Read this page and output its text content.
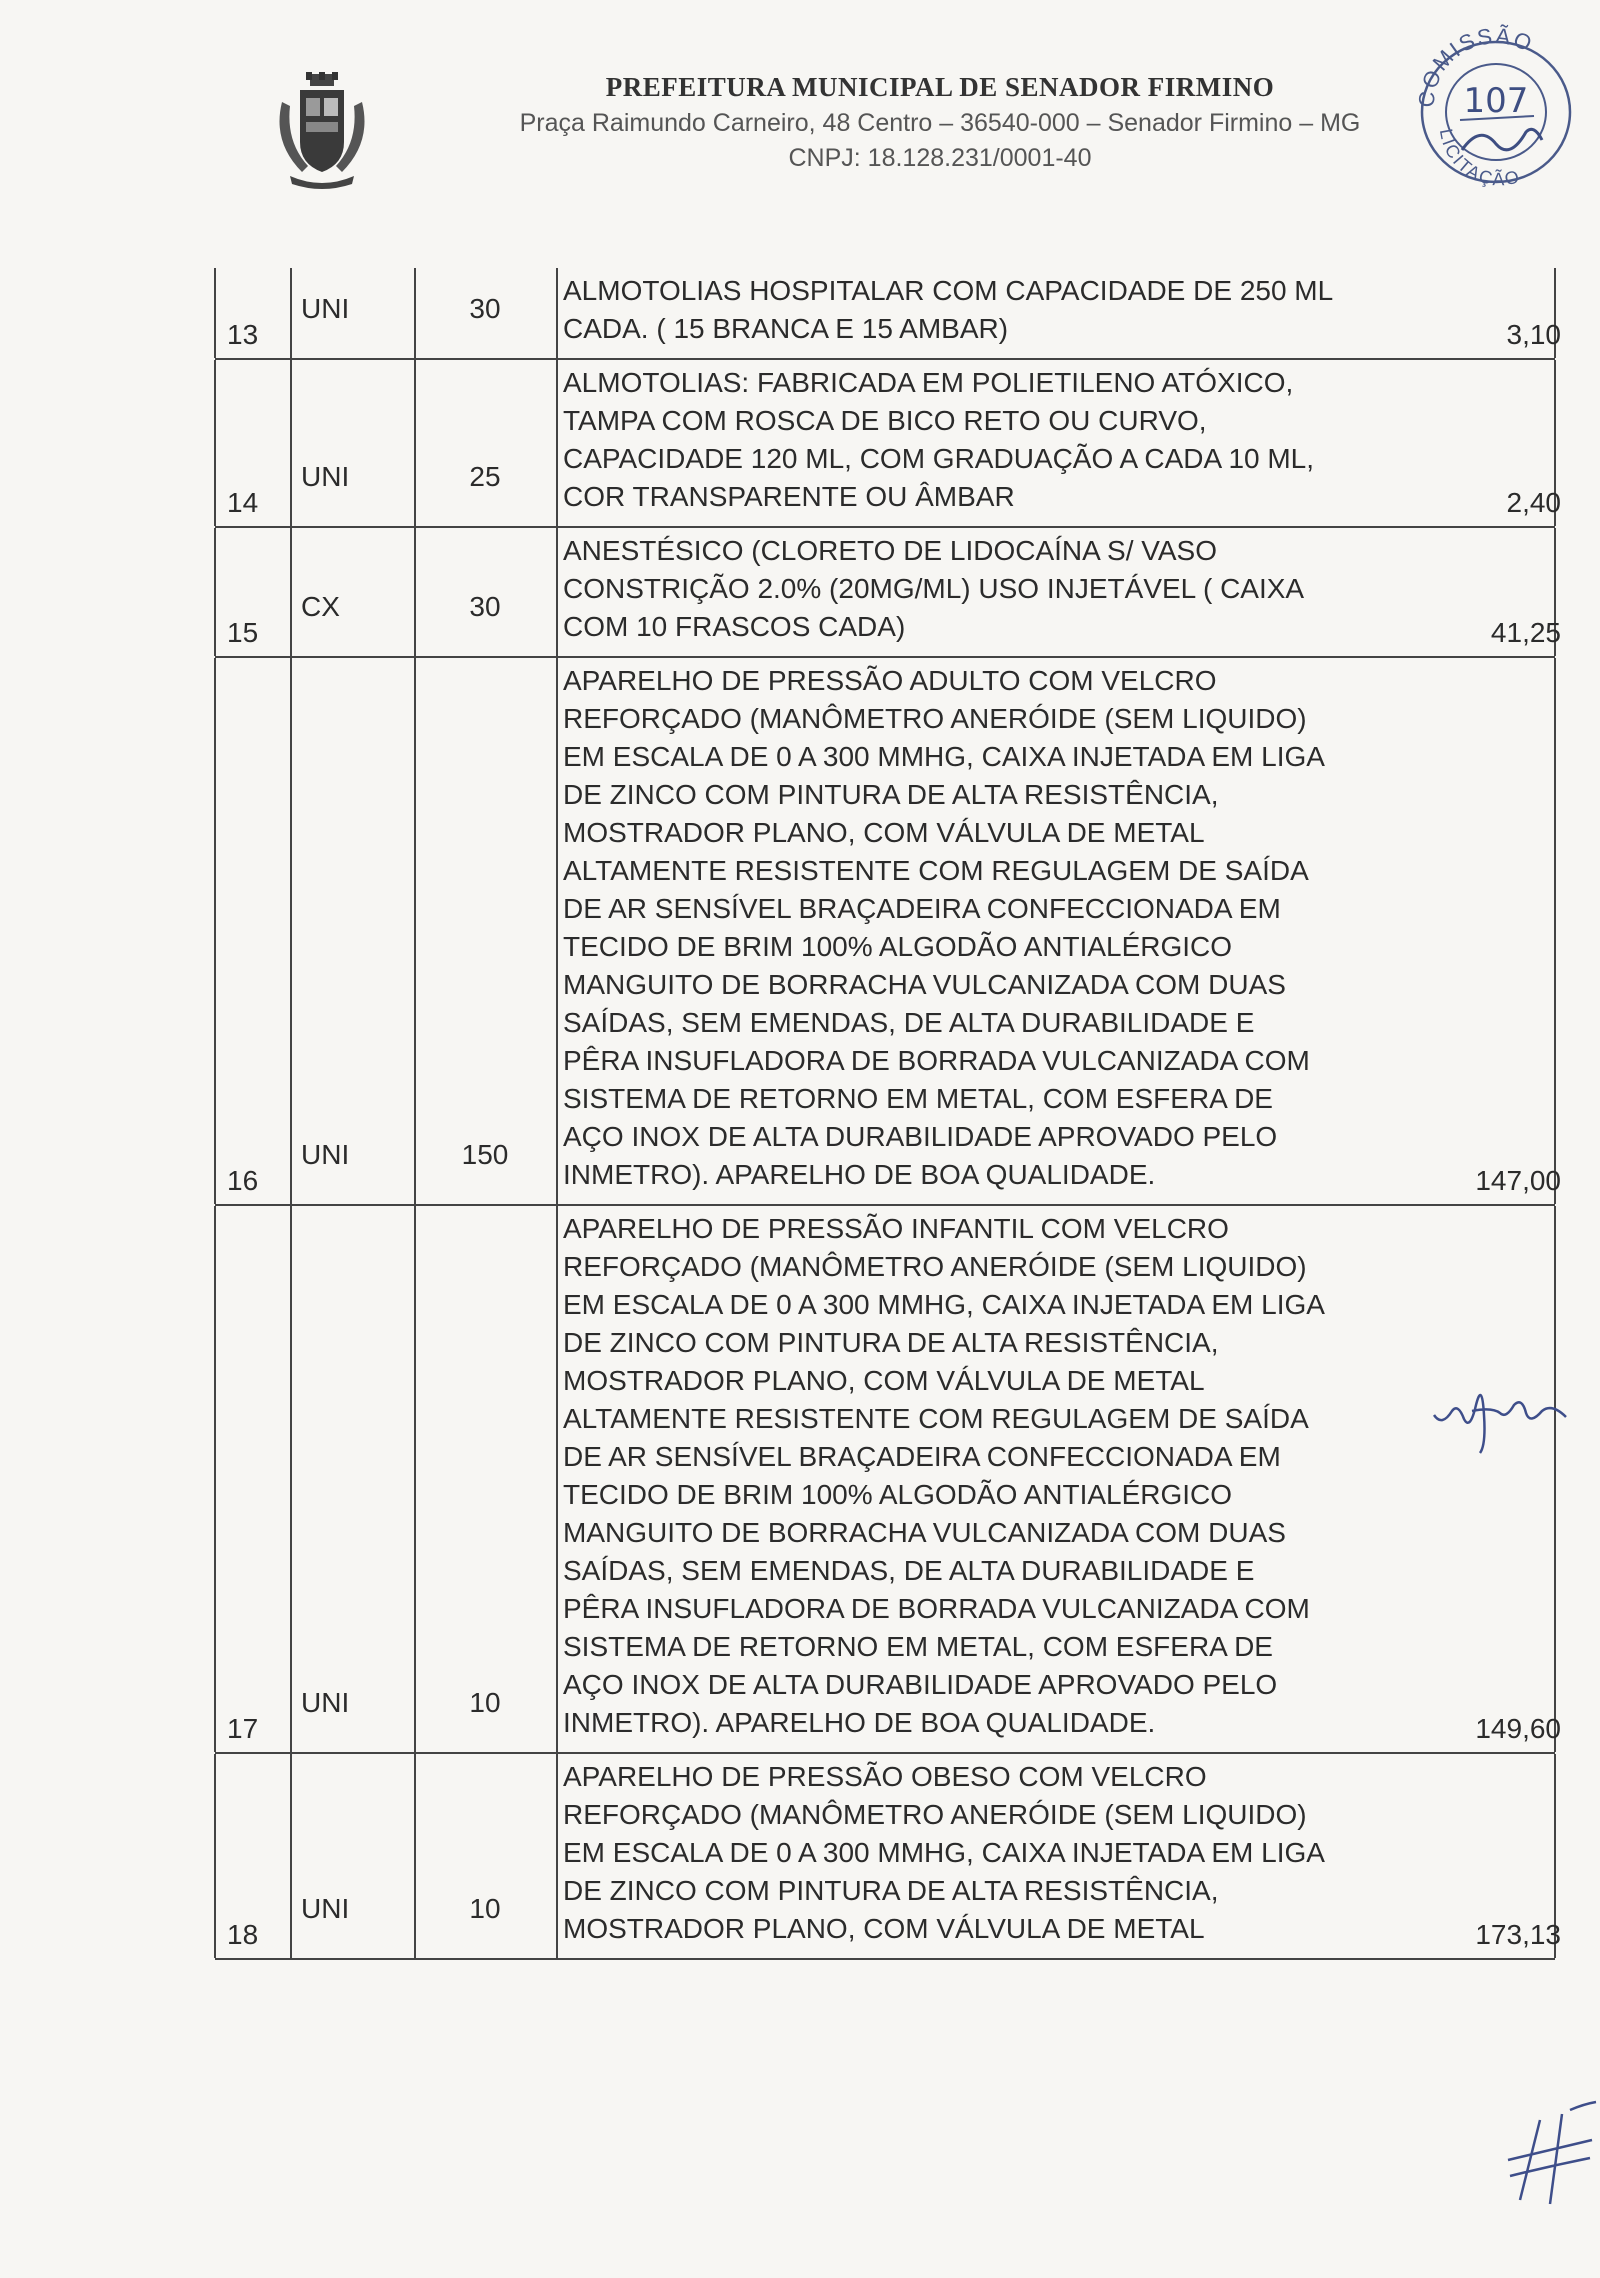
PREFEITURA MUNICIPAL DE SENADOR FIRMINO
Praça Raimundo Carneiro, 48 Centro – 36540-000 – Senador Firmino – MG
CNPJ: 18.128.231/0001-40
COMISSÃO
LICITAÇÃO
107
13
UNI	30
ALMOTOLIAS HOSPITALAR COM CAPACIDADE DE 250 ML
CADA. ( 15 BRANCA E 15 AMBAR)	3,10
14
UNI	25
ALMOTOLIAS: FABRICADA EM POLIETILENO ATÓXICO,
TAMPA COM ROSCA DE BICO RETO OU CURVO,
CAPACIDADE 120 ML, COM GRADUAÇÃO A CADA 10 ML,
COR TRANSPARENTE OU ÂMBAR	2,40
15
CX	30
ANESTÉSICO (CLORETO DE LIDOCAÍNA S/ VASO
CONSTRIÇÃO 2.0% (20MG/ML) USO INJETÁVEL ( CAIXA
COM 10 FRASCOS CADA)	41,25
16
UNI	150
APARELHO DE PRESSÃO ADULTO COM VELCRO
REFORÇADO (MANÔMETRO ANERÓIDE (SEM LIQUIDO)
EM ESCALA DE 0 A 300 MMHG, CAIXA INJETADA EM LIGA
DE ZINCO COM PINTURA DE ALTA RESISTÊNCIA,
MOSTRADOR PLANO, COM VÁLVULA DE METAL
ALTAMENTE RESISTENTE COM REGULAGEM DE SAÍDA
DE AR SENSÍVEL BRAÇADEIRA CONFECCIONADA EM
TECIDO DE BRIM 100% ALGODÃO ANTIALÉRGICO
MANGUITO DE BORRACHA VULCANIZADA COM DUAS
SAÍDAS, SEM EMENDAS, DE ALTA DURABILIDADE E
PÊRA INSUFLADORA DE BORRADA VULCANIZADA COM
SISTEMA DE RETORNO EM METAL, COM ESFERA DE
AÇO INOX DE ALTA DURABILIDADE APROVADO PELO
INMETRO). APARELHO DE BOA QUALIDADE.	147,00
17
UNI	10
APARELHO DE PRESSÃO INFANTIL COM VELCRO
REFORÇADO (MANÔMETRO ANERÓIDE (SEM LIQUIDO)
EM ESCALA DE 0 A 300 MMHG, CAIXA INJETADA EM LIGA
DE ZINCO COM PINTURA DE ALTA RESISTÊNCIA,
MOSTRADOR PLANO, COM VÁLVULA DE METAL
ALTAMENTE RESISTENTE COM REGULAGEM DE SAÍDA
DE AR SENSÍVEL BRAÇADEIRA CONFECCIONADA EM
TECIDO DE BRIM 100% ALGODÃO ANTIALÉRGICO
MANGUITO DE BORRACHA VULCANIZADA COM DUAS
SAÍDAS, SEM EMENDAS, DE ALTA DURABILIDADE E
PÊRA INSUFLADORA DE BORRADA VULCANIZADA COM
SISTEMA DE RETORNO EM METAL, COM ESFERA DE
AÇO INOX DE ALTA DURABILIDADE APROVADO PELO
INMETRO). APARELHO DE BOA QUALIDADE.	149,60
18
UNI	10
APARELHO DE PRESSÃO OBESO COM VELCRO
REFORÇADO (MANÔMETRO ANERÓIDE (SEM LIQUIDO)
EM ESCALA DE 0 A 300 MMHG, CAIXA INJETADA EM LIGA
DE ZINCO COM PINTURA DE ALTA RESISTÊNCIA,
MOSTRADOR PLANO, COM VÁLVULA DE METAL	173,13
